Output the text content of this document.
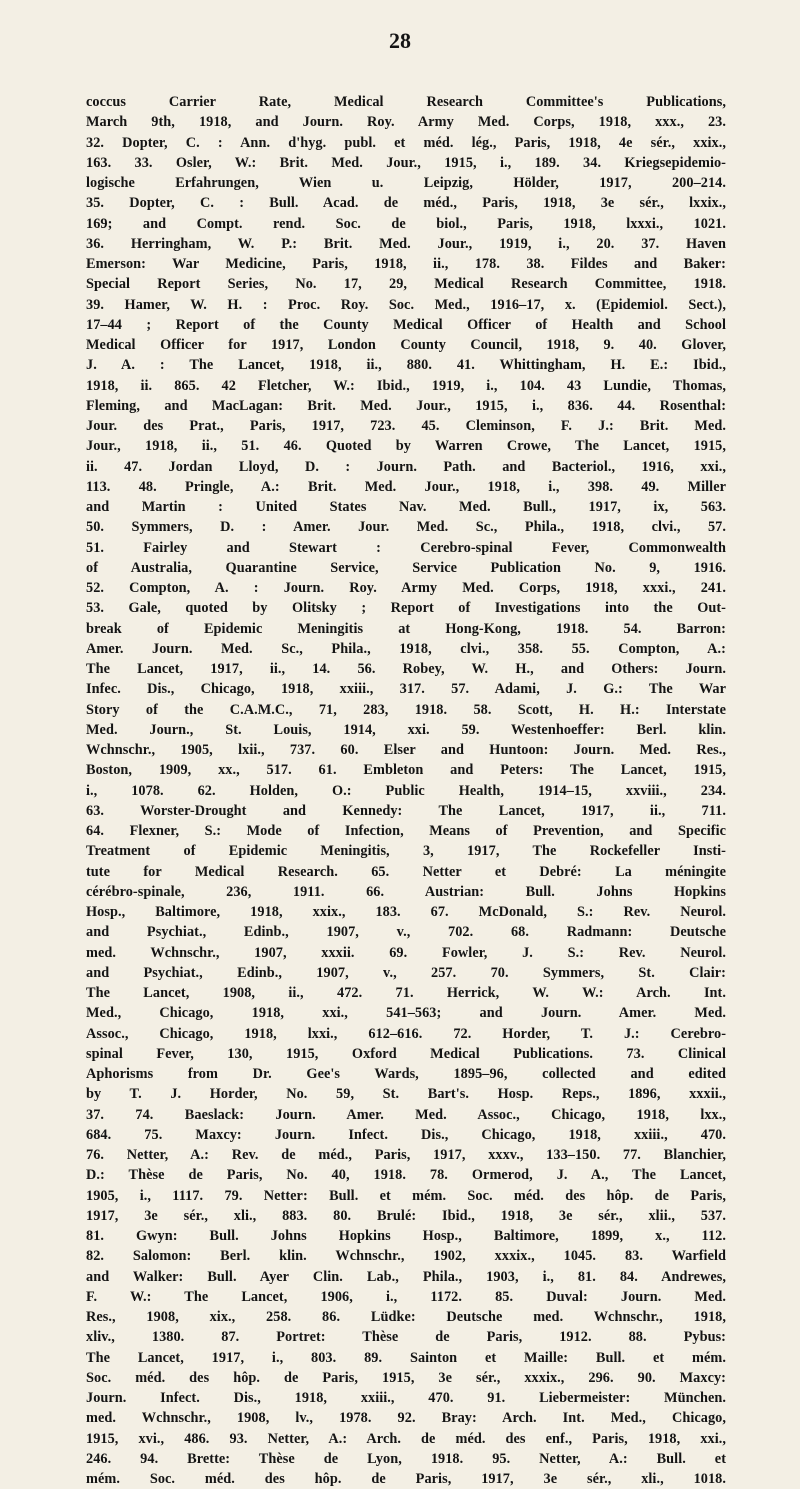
28
coccus Carrier Rate, Medical Research Committee's Publications,
March 9th, 1918, and Journ. Roy. Army Med. Corps, 1918, xxx., 23.
32. Dopter, C. : Ann. d'hyg. publ. et méd. lég., Paris, 1918, 4e sér., xxix.,
163. 33. Osler, W.: Brit. Med. Jour., 1915, i., 189. 34. Kriegsepidemio-
logische Erfahrungen, Wien u. Leipzig, Hölder, 1917, 200–214.
35. Dopter, C. : Bull. Acad. de méd., Paris, 1918, 3e sér., lxxix.,
169; and Compt. rend. Soc. de biol., Paris, 1918, lxxxi., 1021.
36. Herringham, W. P.: Brit. Med. Jour., 1919, i., 20. 37. Haven
Emerson: War Medicine, Paris, 1918, ii., 178. 38. Fildes and Baker:
Special Report Series, No. 17, 29, Medical Research Committee, 1918.
39. Hamer, W. H. : Proc. Roy. Soc. Med., 1916–17, x. (Epidemiol. Sect.),
17–44 ; Report of the County Medical Officer of Health and School
Medical Officer for 1917, London County Council, 1918, 9. 40. Glover,
J. A. : The Lancet, 1918, ii., 880. 41. Whittingham, H. E.: Ibid.,
1918, ii. 865. 42 Fletcher, W.: Ibid., 1919, i., 104. 43 Lundie, Thomas,
Fleming, and MacLagan: Brit. Med. Jour., 1915, i., 836. 44. Rosenthal:
Jour. des Prat., Paris, 1917, 723. 45. Cleminson, F. J.: Brit. Med.
Jour., 1918, ii., 51. 46. Quoted by Warren Crowe, The Lancet, 1915,
ii. 47. Jordan Lloyd, D. : Journ. Path. and Bacteriol., 1916, xxi.,
113. 48. Pringle, A.: Brit. Med. Jour., 1918, i., 398. 49. Miller
and Martin : United States Nav. Med. Bull., 1917, ix, 563.
50. Symmers, D. : Amer. Jour. Med. Sc., Phila., 1918, clvi., 57.
51. Fairley and Stewart : Cerebro-spinal Fever, Commonwealth
of Australia, Quarantine Service, Service Publication No. 9, 1916.
52. Compton, A. : Journ. Roy. Army Med. Corps, 1918, xxxi., 241.
53. Gale, quoted by Olitsky ; Report of Investigations into the Out-
break of Epidemic Meningitis at Hong-Kong, 1918. 54. Barron:
Amer. Journ. Med. Sc., Phila., 1918, clvi., 358. 55. Compton, A.:
The Lancet, 1917, ii., 14. 56. Robey, W. H., and Others: Journ.
Infec. Dis., Chicago, 1918, xxiii., 317. 57. Adami, J. G.: The War
Story of the C.A.M.C., 71, 283, 1918. 58. Scott, H. H.: Interstate
Med. Journ., St. Louis, 1914, xxi. 59. Westenhoeffer: Berl. klin.
Wchnschr., 1905, lxii., 737. 60. Elser and Huntoon: Journ. Med. Res.,
Boston, 1909, xx., 517. 61. Embleton and Peters: The Lancet, 1915,
i., 1078. 62. Holden, O.: Public Health, 1914–15, xxviii., 234.
63. Worster-Drought and Kennedy: The Lancet, 1917, ii., 711.
64. Flexner, S.: Mode of Infection, Means of Prevention, and Specific
Treatment of Epidemic Meningitis, 3, 1917, The Rockefeller Insti-
tute for Medical Research. 65. Netter et Debré: La méningite
cérébro-spinale, 236, 1911. 66. Austrian: Bull. Johns Hopkins
Hosp., Baltimore, 1918, xxix., 183. 67. McDonald, S.: Rev. Neurol.
and Psychiat., Edinb., 1907, v., 702. 68. Radmann: Deutsche
med. Wchnschr., 1907, xxxii. 69. Fowler, J. S.: Rev. Neurol.
and Psychiat., Edinb., 1907, v., 257. 70. Symmers, St. Clair:
The Lancet, 1908, ii., 472. 71. Herrick, W. W.: Arch. Int.
Med., Chicago, 1918, xxi., 541–563; and Journ. Amer. Med.
Assoc., Chicago, 1918, lxxi., 612–616. 72. Horder, T. J.: Cerebro-
spinal Fever, 130, 1915, Oxford Medical Publications. 73. Clinical
Aphorisms from Dr. Gee's Wards, 1895–96, collected and edited
by T. J. Horder, No. 59, St. Bart's. Hosp. Reps., 1896, xxxii.,
37. 74. Baeslack: Journ. Amer. Med. Assoc., Chicago, 1918, lxx.,
684. 75. Maxcy: Journ. Infect. Dis., Chicago, 1918, xxiii., 470.
76. Netter, A.: Rev. de méd., Paris, 1917, xxxv., 133–150. 77. Blanchier,
D.: Thèse de Paris, No. 40, 1918. 78. Ormerod, J. A., The Lancet,
1905, i., 1117. 79. Netter: Bull. et mém. Soc. méd. des hôp. de Paris,
1917, 3e sér., xli., 883. 80. Brulé: Ibid., 1918, 3e sér., xlii., 537.
81. Gwyn: Bull. Johns Hopkins Hosp., Baltimore, 1899, x., 112.
82. Salomon: Berl. klin. Wchnschr., 1902, xxxix., 1045. 83. Warfield
and Walker: Bull. Ayer Clin. Lab., Phila., 1903, i., 81. 84. Andrewes,
F. W.: The Lancet, 1906, i., 1172. 85. Duval: Journ. Med.
Res., 1908, xix., 258. 86. Lüdke: Deutsche med. Wchnschr., 1918,
xliv., 1380. 87. Portret: Thèse de Paris, 1912. 88. Pybus:
The Lancet, 1917, i., 803. 89. Sainton et Maille: Bull. et mém.
Soc. méd. des hôp. de Paris, 1915, 3e sér., xxxix., 296. 90. Maxcy:
Journ. Infect. Dis., 1918, xxiii., 470. 91. Liebermeister: München.
med. Wchnschr., 1908, lv., 1978. 92. Bray: Arch. Int. Med., Chicago,
1915, xvi., 486. 93. Netter, A.: Arch. de méd. des enf., Paris, 1918, xxi.,
246. 94. Brette: Thèse de Lyon, 1918. 95. Netter, A.: Bull. et
mém. Soc. méd. des hôp. de Paris, 1917, 3e sér., xli., 1018.
